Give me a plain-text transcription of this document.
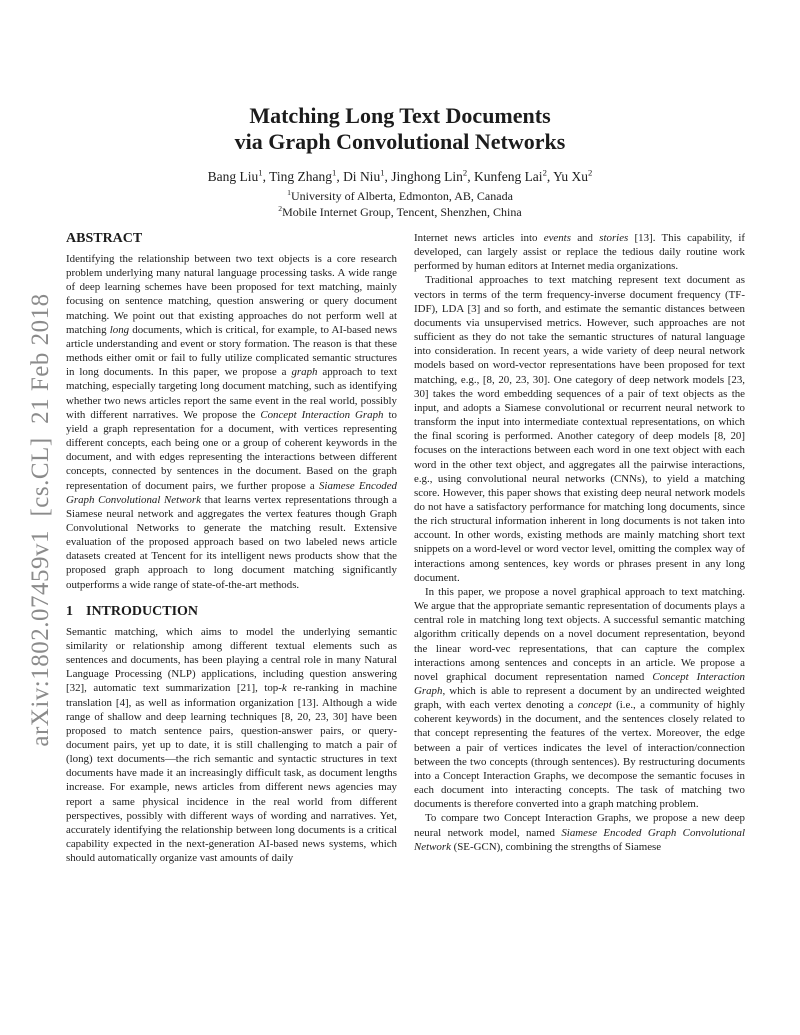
arXiv:1802.07459v1  [cs.CL]  21 Feb 2018
Matching Long Text Documents
via Graph Convolutional Networks
Bang Liu$^1$, Ting Zhang$^1$, Di Niu$^1$, Jinghong Lin$^2$, Kunfeng Lai$^2$, Yu Xu$^2$
$^1$University of Alberta, Edmonton, AB, Canada
$^2$Mobile Internet Group, Tencent, Shenzhen, China
ABSTRACT

Identifying the relationship between two text objects is a core research problem underlying many natural language processing tasks. A wide range of deep learning schemes have been proposed for text matching, mainly focusing on sentence matching, question answering or query document matching. We point out that existing approaches do not perform well at matching long documents, which is critical, for example, to AI-based news article understanding and event or story formation. The reason is that these methods either omit or fail to fully utilize complicated semantic structures in long documents. In this paper, we propose a graph approach to text matching, especially targeting long document matching, such as identifying whether two news articles report the same event in the real world, possibly with different narratives. We propose the Concept Interaction Graph to yield a graph representation for a document, with vertices representing different concepts, each being one or a group of coherent keywords in the document, and with edges representing the interactions between different concepts, connected by sentences in the document. Based on the graph representation of document pairs, we further propose a Siamese Encoded Graph Convolutional Network that learns vertex representations through a Siamese neural network and aggregates the vertex features though Graph Convolutional Networks to generate the matching result. Extensive evaluation of the proposed approach based on two labeled news article datasets created at Tencent for its intelligent news products show that the proposed graph approach to long document matching significantly outperforms a wide range of state-of-the-art methods.

1 INTRODUCTION

Semantic matching, which aims to model the underlying semantic similarity or relationship among different textual elements such as sentences and documents, has been playing a central role in many Natural Language Processing (NLP) applications, including question answering [32], automatic text summarization [21], top-k re-ranking in machine translation [4], as well as information organization [13]. Although a wide range of shallow and deep learning techniques [8, 20, 23, 30] have been proposed to match sentence pairs, question-answer pairs, or query-document pairs, yet up to date, it is still challenging to match a pair of (long) text documents—the rich semantic and syntactic structures in text documents have made it an increasingly difficult task, as document lengths increase. For example, news articles from different news agencies may report a same physical incidence in the real world from different perspectives, possibly with different ways of wording and narratives. Yet, accurately identifying the relationship between long documents is a critical capability expected in the next-generation AI-based news systems, which should automatically organize vast amounts of daily

Internet news articles into events and stories [13]. This capability, if developed, can largely assist or replace the tedious daily routine work performed by human editors at Internet media organizations.

Traditional approaches to text matching represent text document as vectors in terms of the term frequency-inverse document frequency (TF-IDF), LDA [3] and so forth, and estimate the semantic distances between documents via unsupervised metrics. However, such approaches are not sufficient as they do not take the semantic structures of natural language into consideration. In recent years, a wide variety of deep neural network models based on word-vector representations have been proposed for text matching, e.g., [8, 20, 23, 30]. One category of deep network models [23, 30] takes the word embedding sequences of a pair of text objects as the input, and adopts a Siamese convolutional or recurrent neural network to transform the input into intermediate contextual representations, on which the final scoring is performed. Another category of deep models [8, 20] focuses on the interactions between each word in one text object with each word in the other text object, and aggregates all the pairwise interactions, e.g., using convolutional neural networks (CNNs), to yield a matching score. However, this paper shows that existing deep neural network models do not have a satisfactory performance for matching long documents, since the rich structural information inherent in long documents is not taken into account. In other words, existing methods are mainly matching short text snippets on a word-level or word vector level, omitting the complex way of interactions among sentences, key words or phrases present in any long document.

In this paper, we propose a novel graphical approach to text matching. We argue that the appropriate semantic representation of documents plays a central role in matching long text objects. A successful semantic matching algorithm critically depends on a novel document representation, beyond the linear word-vec representations, that can capture the complex interactions among sentences and concepts in an article. We propose a novel graphical document representation named Concept Interaction Graph, which is able to represent a document by an undirected weighted graph, with each vertex denoting a concept (i.e., a community of highly coherent keywords) in the document, and the sentences closely related to that concept representing the features of the vertex. Moreover, the edge between a pair of vertices indicates the level of interaction/connection between the two concepts (through sentences). By restructuring documents into a Concept Interaction Graphs, we decompose the semantic focuses in each document into interacting concepts. The task of matching two documents is therefore converted into a graph matching problem.

To compare two Concept Interaction Graphs, we propose a new deep neural network model, named Siamese Encoded Graph Convolutional Network (SE-GCN), combining the strengths of Siamese
